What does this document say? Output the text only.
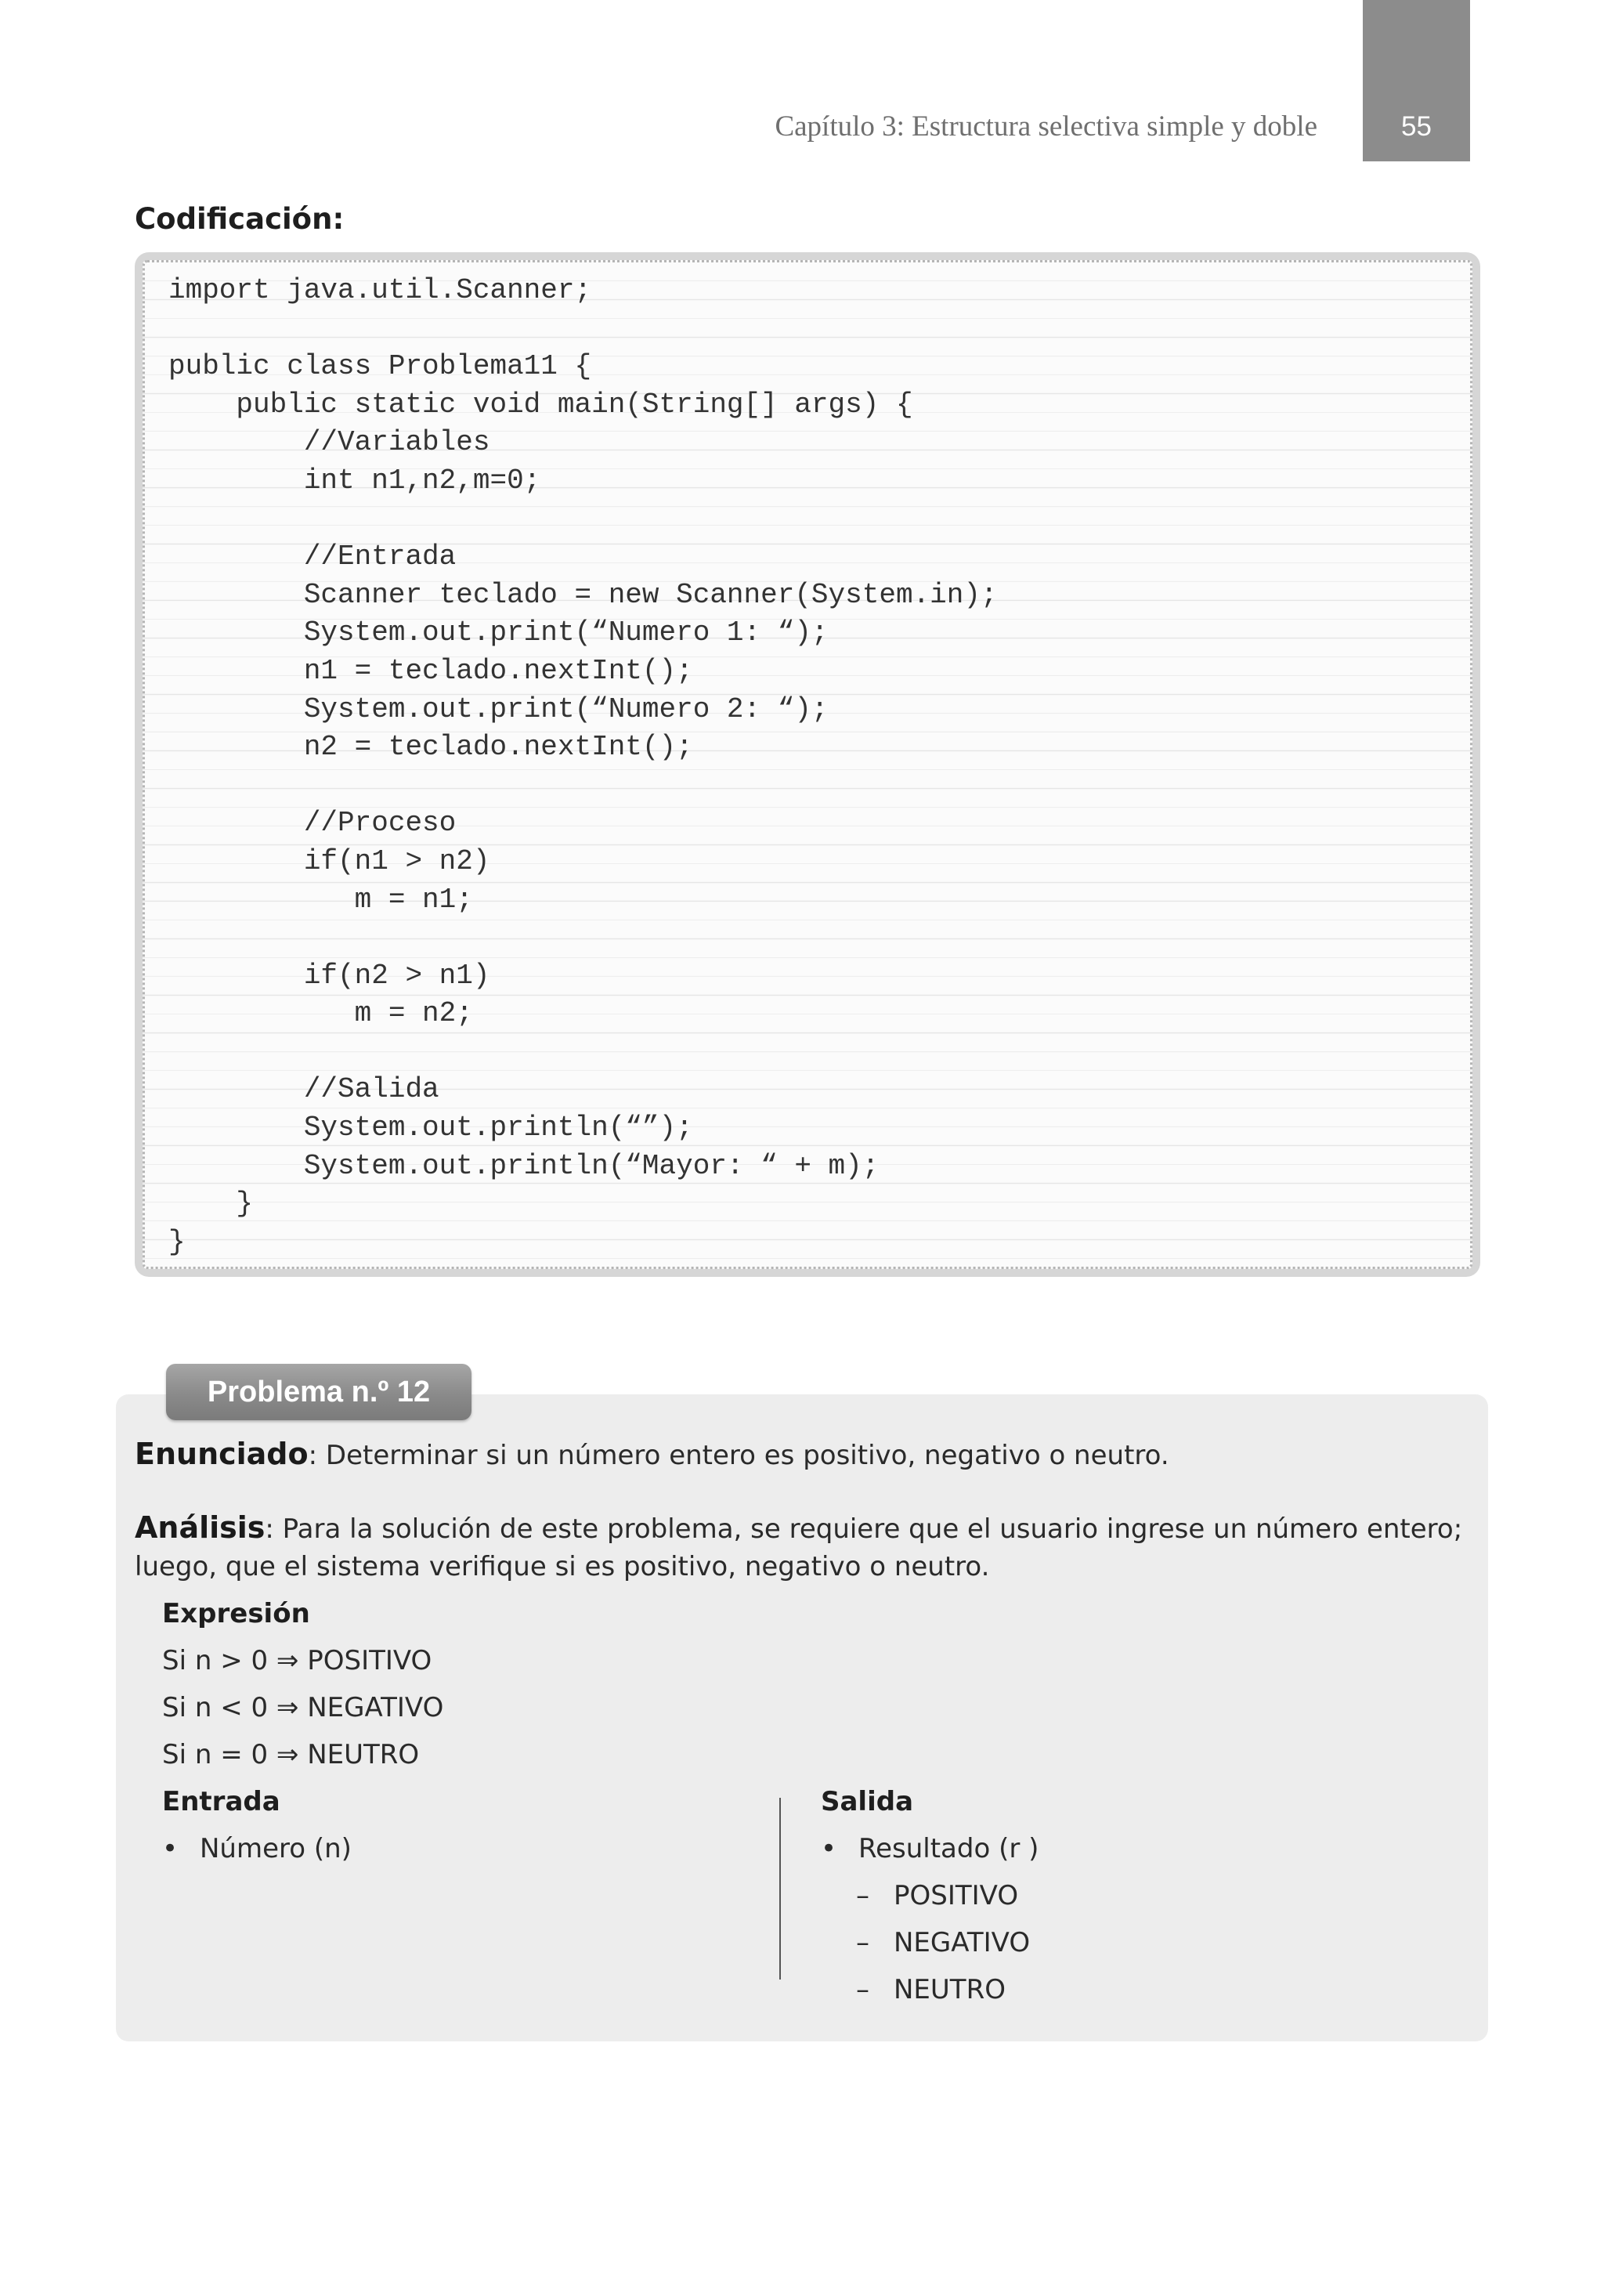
Capítulo 3: Estructura selectiva simple y doble	55
Codificación:
import java.util.Scanner;
public class Problema11 {
public static void main(String[] args) {
//Variables
int n1,n2,m=0;
//Entrada
Scanner teclado = new Scanner(System.in);
System.out.print(“Numero 1: “);
n1 = teclado.nextInt();
System.out.print(“Numero 2: “);
n2 = teclado.nextInt();
//Proceso
if(n1 > n2)
m = n1;
if(n2 > n1)
m = n2;
//Salida
System.out.println(“”);
System.out.println(“Mayor: “ + m);
}
}
Problema n.º 12
Enunciado: Determinar si un número entero es positivo, negativo o neutro.
Análisis: Para la solución de este problema, se requiere que el usuario ingrese un número entero; luego, que el sistema verifique si es positivo, negativo o neutro.
Expresión
Si n > 0 ⇒ POSITIVO
Si n < 0 ⇒ NEGATIVO
Si n = 0 ⇒ NEUTRO
Entrada
• Número (n)
Salida
• Resultado (r )
– POSITIVO
– NEGATIVO
– NEUTRO
